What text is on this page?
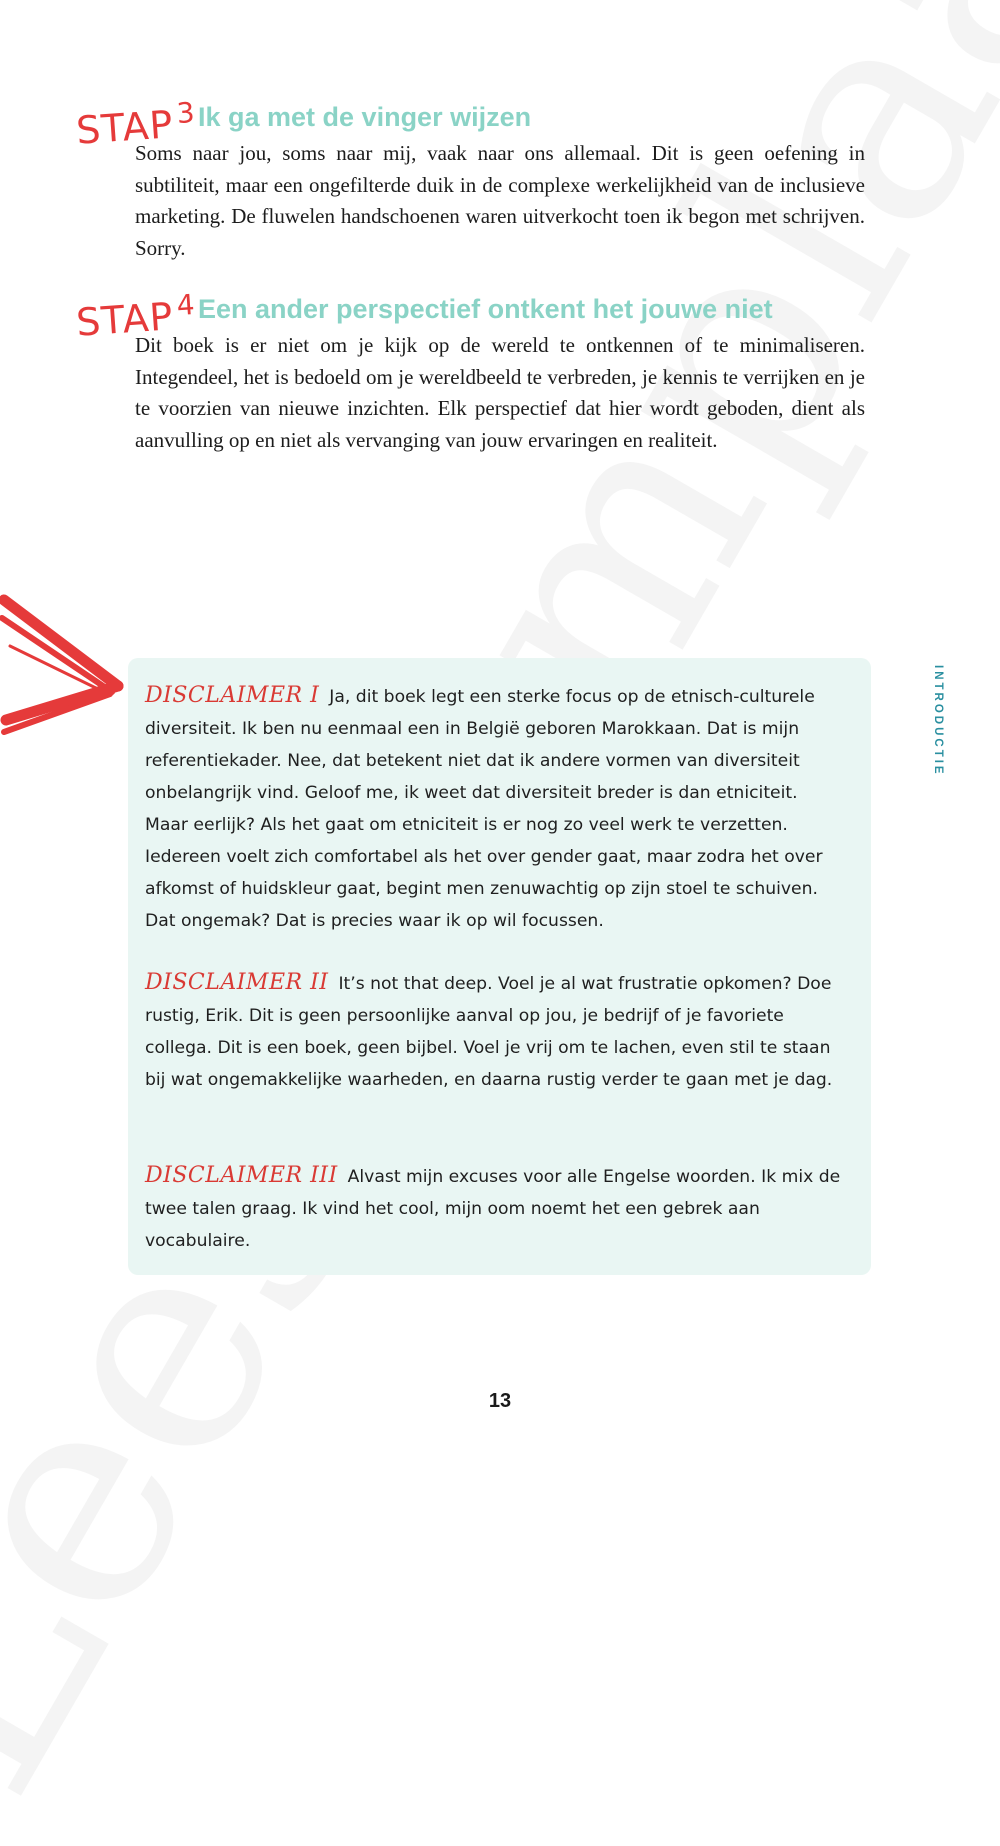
STAP$^3$ Ik ga met de vinger wijzen

Soms naar jou, soms naar mij, vaak naar ons allemaal. Dit is geen oefening in subtiliteit, maar een ongefilterde duik in de complexe werkelijkheid van de inclusieve marketing. De fluwelen handschoenen waren uitverkocht toen ik begon met schrijven. Sorry.

STAP$^4$ Een ander perspectief ontkent het jouwe niet

Dit boek is er niet om je kijk op de wereld te ontkennen of te minimaliseren. Integendeel, het is bedoeld om je wereldbeeld te verbreden, je kennis te verrijken en je te voorzien van nieuwe inzichten. Elk perspectief dat hier wordt geboden, dient als aanvulling op en niet als vervanging van jouw ervaringen en realiteit.

DISCLAIMER I Ja, dit boek legt een sterke focus op de etnisch-culturele diversiteit. Ik ben nu eenmaal een in België geboren Marokkaan. Dat is mijn referentiekader. Nee, dat betekent niet dat ik andere vormen van diversiteit onbelangrijk vind. Geloof me, ik weet dat diversiteit breder is dan etniciteit. Maar eerlijk? Als het gaat om etniciteit is er nog zo veel werk te verzetten. Iedereen voelt zich comfortabel als het over gender gaat, maar zodra het over afkomst of huidskleur gaat, begint men zenuwachtig op zijn stoel te schuiven. Dat ongemak? Dat is precies waar ik op wil focussen.

DISCLAIMER II It’s not that deep. Voel je al wat frustratie opkomen? Doe rustig, Erik. Dit is geen persoonlijke aanval op jou, je bedrijf of je favoriete collega. Dit is een boek, geen bijbel. Voel je vrij om te lachen, even stil te staan bij wat ongemakkelijke waarheden, en daarna rustig verder te gaan met je dag.

DISCLAIMER III Alvast mijn excuses voor alle Engelse woorden. Ik mix de twee talen graag. Ik vind het cool, mijn oom noemt het een gebrek aan vocabulaire.

INTRODUCTIE
13
